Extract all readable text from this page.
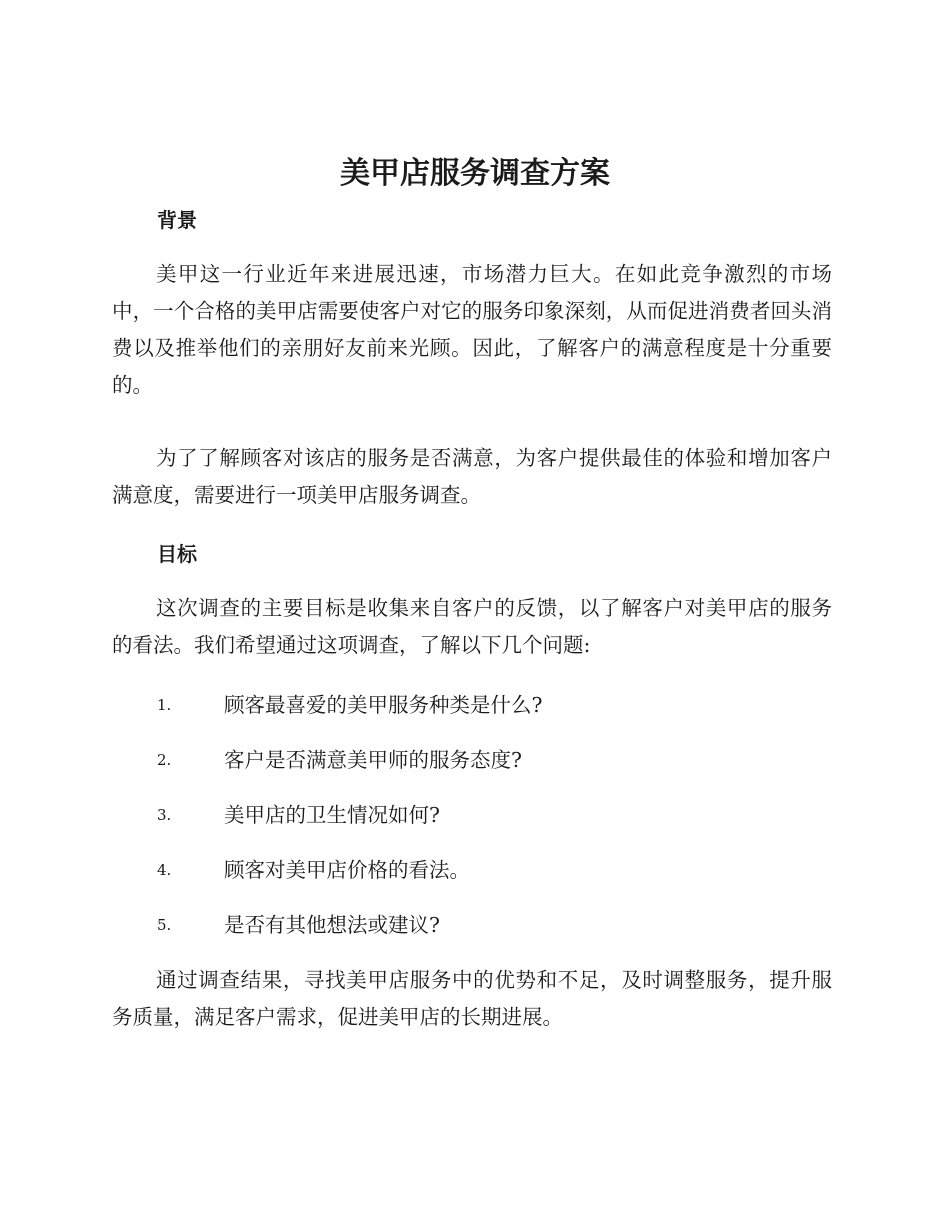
美甲店服务调查方案
背景

美甲这一行业近年来进展迅速，市场潜力巨大。在如此竞争激烈的市场中，一个合格的美甲店需要使客户对它的服务印象深刻，从而促进消费者回头消费以及推举他们的亲朋好友前来光顾。因此，了解客户的满意程度是十分重要的。

为了了解顾客对该店的服务是否满意，为客户提供最佳的体验和增加客户满意度，需要进行一项美甲店服务调查。

目标

这次调查的主要目标是收集来自客户的反馈，以了解客户对美甲店的服务的看法。我们希望通过这项调查，了解以下几个问题:

1.	顾客最喜爱的美甲服务种类是什么?
2.	客户是否满意美甲师的服务态度?
3.	美甲店的卫生情况如何?
4.	顾客对美甲店价格的看法。
5.	是否有其他想法或建议?

通过调查结果，寻找美甲店服务中的优势和不足，及时调整服务，提升服务质量，满足客户需求，促进美甲店的长期进展。
